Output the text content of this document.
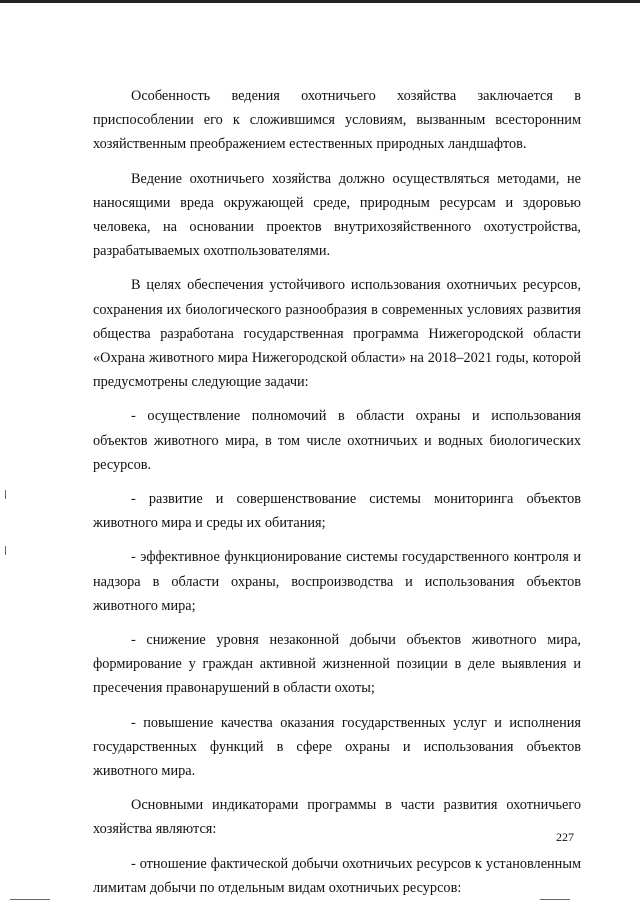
Особенность ведения охотничьего хозяйства заключается в приспособлении его к сложившимся условиям, вызванным всесторонним хозяйственным преображением естественных природных ландшафтов.

Ведение охотничьего хозяйства должно осуществляться методами, не наносящими вреда окружающей среде, природным ресурсам и здоровью человека, на основании проектов внутрихозяйственного охотустройства, разрабатываемых охотпользователями.

В целях обеспечения устойчивого использования охотничьих ресурсов, сохранения их биологического разнообразия в современных условиях развития общества разработана государственная программа Нижегородской области «Охрана животного мира Нижегородской области» на 2018–2021 годы, которой предусмотрены следующие задачи:

- осуществление полномочий в области охраны и использования объектов животного мира, в том числе охотничьих и водных биологических ресурсов.

- развитие и совершенствование системы мониторинга объектов животного мира и среды их обитания;

- эффективное функционирование системы государственного контроля и надзора в области охраны, воспроизводства и использования объектов животного мира;

- снижение уровня незаконной добычи объектов животного мира, формирование у граждан активной жизненной позиции в деле выявления и пресечения правонарушений в области охоты;

- повышение качества оказания государственных услуг и исполнения государственных функций в сфере охраны и использования объектов животного мира.

Основными индикаторами программы в части развития охотничьего хозяйства являются:

- отношение фактической добычи охотничьих ресурсов к установленным лимитам добычи по отдельным видам охотничьих ресурсов:

227
